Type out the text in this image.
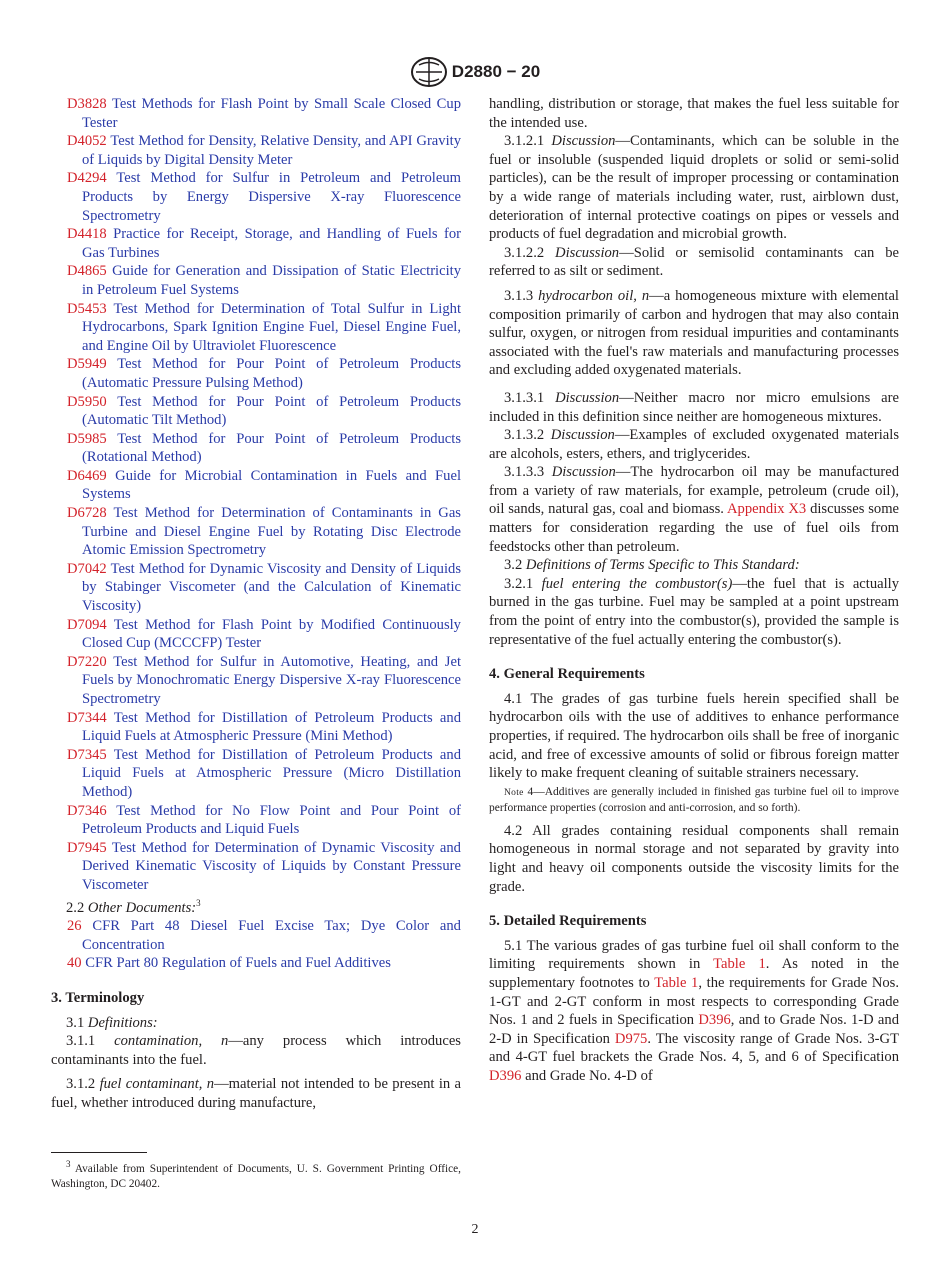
D2880 − 20
D3828 Test Methods for Flash Point by Small Scale Closed Cup Tester
D4052 Test Method for Density, Relative Density, and API Gravity of Liquids by Digital Density Meter
D4294 Test Method for Sulfur in Petroleum and Petroleum Products by Energy Dispersive X-ray Fluorescence Spectrometry
D4418 Practice for Receipt, Storage, and Handling of Fuels for Gas Turbines
D4865 Guide for Generation and Dissipation of Static Electricity in Petroleum Fuel Systems
D5453 Test Method for Determination of Total Sulfur in Light Hydrocarbons, Spark Ignition Engine Fuel, Diesel Engine Fuel, and Engine Oil by Ultraviolet Fluorescence
D5949 Test Method for Pour Point of Petroleum Products (Automatic Pressure Pulsing Method)
D5950 Test Method for Pour Point of Petroleum Products (Automatic Tilt Method)
D5985 Test Method for Pour Point of Petroleum Products (Rotational Method)
D6469 Guide for Microbial Contamination in Fuels and Fuel Systems
D6728 Test Method for Determination of Contaminants in Gas Turbine and Diesel Engine Fuel by Rotating Disc Electrode Atomic Emission Spectrometry
D7042 Test Method for Dynamic Viscosity and Density of Liquids by Stabinger Viscometer (and the Calculation of Kinematic Viscosity)
D7094 Test Method for Flash Point by Modified Continuously Closed Cup (MCCCFP) Tester
D7220 Test Method for Sulfur in Automotive, Heating, and Jet Fuels by Monochromatic Energy Dispersive X-ray Fluorescence Spectrometry
D7344 Test Method for Distillation of Petroleum Products and Liquid Fuels at Atmospheric Pressure (Mini Method)
D7345 Test Method for Distillation of Petroleum Products and Liquid Fuels at Atmospheric Pressure (Micro Distillation Method)
D7346 Test Method for No Flow Point and Pour Point of Petroleum Products and Liquid Fuels
D7945 Test Method for Determination of Dynamic Viscosity and Derived Kinematic Viscosity of Liquids by Constant Pressure Viscometer

2.2 Other Documents:$^3$

26 CFR Part 48 Diesel Fuel Excise Tax; Dye Color and Concentration
40 CFR Part 80 Regulation of Fuels and Fuel Additives
3. Terminology

3.1 Definitions:

3.1.1 contamination, n—any process which introduces contaminants into the fuel.

3.1.2 fuel contaminant, n—material not intended to be present in a fuel, whether introduced during manufacture,

$^3$ Available from Superintendent of Documents, U. S. Government Printing Office, Washington, DC 20402.

handling, distribution or storage, that makes the fuel less suitable for the intended use.

3.1.2.1 Discussion—Contaminants, which can be soluble in the fuel or insoluble (suspended liquid droplets or solid or semi-solid particles), can be the result of improper processing or contamination by a wide range of materials including water, rust, airblown dust, deterioration of internal protective coatings on pipes or vessels and products of fuel degradation and microbial growth.

3.1.2.2 Discussion—Solid or semisolid contaminants can be referred to as silt or sediment.

3.1.3 hydrocarbon oil, n—a homogeneous mixture with elemental composition primarily of carbon and hydrogen that may also contain sulfur, oxygen, or nitrogen from residual impurities and contaminants associated with the fuel's raw materials and manufacturing processes and excluding added oxygenated materials.

3.1.3.1 Discussion—Neither macro nor micro emulsions are included in this definition since neither are homogeneous mixtures.

3.1.3.2 Discussion—Examples of excluded oxygenated materials are alcohols, esters, ethers, and triglycerides.

3.1.3.3 Discussion—The hydrocarbon oil may be manufactured from a variety of raw materials, for example, petroleum (crude oil), oil sands, natural gas, coal and biomass. Appendix X3 discusses some matters for consideration regarding the use of fuel oils from feedstocks other than petroleum.

3.2 Definitions of Terms Specific to This Standard:

3.2.1 fuel entering the combustor(s)—the fuel that is actually burned in the gas turbine. Fuel may be sampled at a point upstream from the point of entry into the combustor(s), provided the sample is representative of the fuel actually entering the combustor(s).

4. General Requirements

4.1 The grades of gas turbine fuels herein specified shall be hydrocarbon oils with the use of additives to enhance performance properties, if required. The hydrocarbon oils shall be free of inorganic acid, and free of excessive amounts of solid or fibrous foreign matter likely to make frequent cleaning of suitable strainers necessary.

Note 4—Additives are generally included in finished gas turbine fuel oil to improve performance properties (corrosion and anti-corrosion, and so forth).

4.2 All grades containing residual components shall remain homogeneous in normal storage and not separated by gravity into light and heavy oil components outside the viscosity limits for the grade.

5. Detailed Requirements

5.1 The various grades of gas turbine fuel oil shall conform to the limiting requirements shown in Table 1. As noted in the supplementary footnotes to Table 1, the requirements for Grade Nos. 1-GT and 2-GT conform in most respects to corresponding Grade Nos. 1 and 2 fuels in Specification D396, and to Grade Nos. 1-D and 2-D in Specification D975. The viscosity range of Grade Nos. 3-GT and 4-GT fuel brackets the Grade Nos. 4, 5, and 6 of Specification D396 and Grade No. 4-D of

2
